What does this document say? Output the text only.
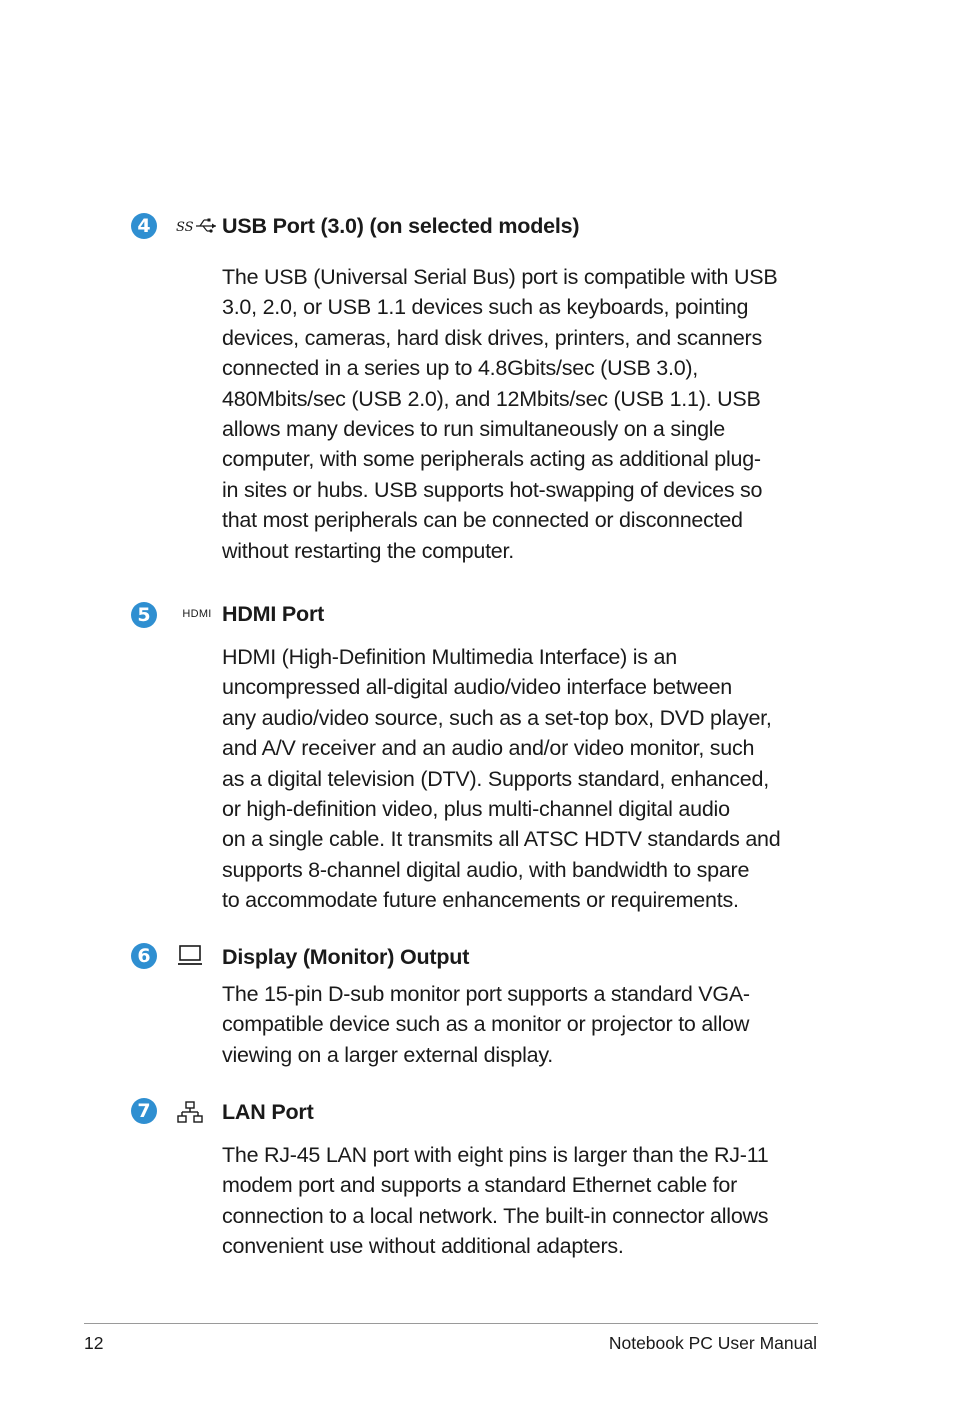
4	SS USB Port (3.0) (on selected models)
The USB (Universal Serial Bus) port is compatible with USB
3.0, 2.0, or USB 1.1 devices such as keyboards, pointing
devices, cameras, hard disk drives, printers, and scanners
connected in a series up to 4.8Gbits/sec (USB 3.0),
480Mbits/sec (USB 2.0), and 12Mbits/sec (USB 1.1). USB
allows many devices to run simultaneously on a single
computer, with some peripherals acting as additional plug-
in sites or hubs. USB supports hot-swapping of devices so
that most peripherals can be connected or disconnected
without restarting the computer.
5	HDMI HDMI Port
HDMI (High-Definition Multimedia Interface) is an
uncompressed all-digital audio/video interface between
any audio/video source, such as a set-top box, DVD player,
and A/V receiver and an audio and/or video monitor, such
as a digital television (DTV). Supports standard, enhanced,
or high-definition video, plus multi-channel digital audio
on a single cable. It transmits all ATSC HDTV standards and
supports 8-channel digital audio, with bandwidth to spare
to accommodate future enhancements or requirements.
6	Display (Monitor) Output
The 15-pin D-sub monitor port supports a standard VGA-
compatible device such as a monitor or projector to allow
viewing on a larger external display.
7	LAN Port
The RJ-45 LAN port with eight pins is larger than the RJ-11
modem port and supports a standard Ethernet cable for
connection to a local network. The built-in connector allows
convenient use without additional adapters.
12	Notebook PC User Manual
